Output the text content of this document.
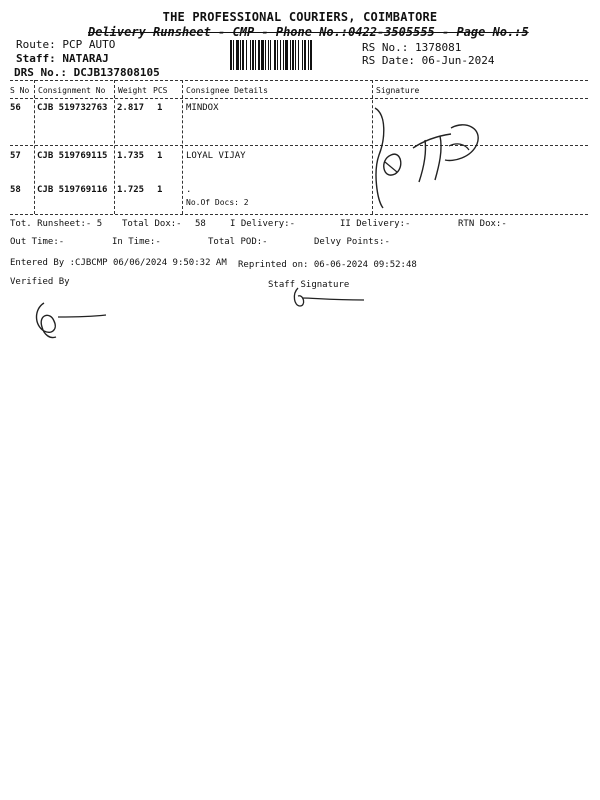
THE PROFESSIONAL COURIERS, COIMBATORE
Delivery Runsheet - CMP - Phone No.:0422-3505555 - Page No.:5
Route: PCP AUTO
Staff: NATARAJ
DRS No.: DCJB137808105
RS No.: 1378081
RS Date: 06-Jun-2024
S No Consignment No Weight PCS Consignee Details	Signature
56 CJB 519732763 2.817 1	MINDOX
57 CJB 519769115 1.735 1	LOYAL VIJAY
58 CJB 519769116 1.725 1	.
No.Of Docs: 2
Tot. Runsheet:- 5 Total Dox:- 58	I Delivery:-	II Delivery:-	RTN Dox:-
Out Time:-	In Time:-	Total POD:-	Delvy Points:-
Entered By :CJBCMP 06/06/2024 9:50:32 AM Reprinted on: 06-06-2024 09:52:48
Verified By	Staff Signature
